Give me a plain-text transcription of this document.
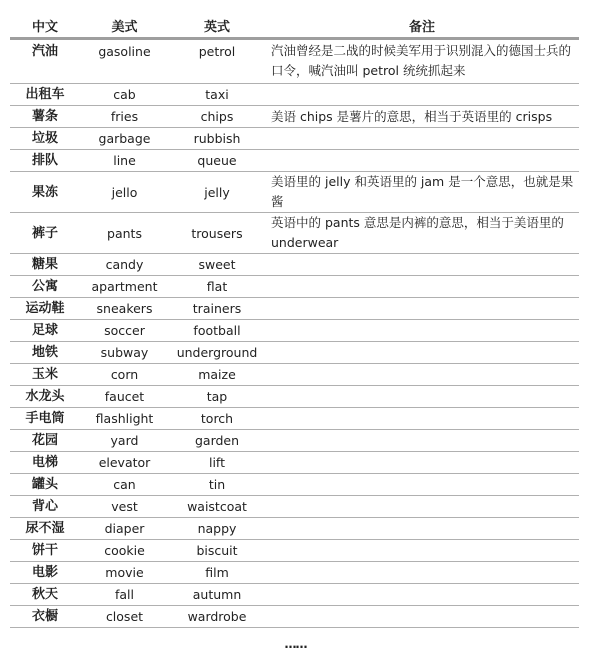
中文	美式	英式	备注
汽油	gasoline	petrol	汽油曾经是二战的时候美军用于识别混入的德国士兵的口令，喊汽油叫 petrol 统统抓起来
出租车	cab	taxi	
薯条	fries	chips	美语 chips 是薯片的意思，相当于英语里的 crisps
垃圾	garbage	rubbish	
排队	line	queue	
果冻	jello	jelly	美语里的 jelly 和英语里的 jam 是一个意思，也就是果酱
裤子	pants	trousers	英语中的 pants 意思是内裤的意思，相当于美语里的 underwear
糖果	candy	sweet	
公寓	apartment	flat	
运动鞋	sneakers	trainers	
足球	soccer	football	
地铁	subway	underground	
玉米	corn	maize	
水龙头	faucet	tap	
手电筒	flashlight	torch	
花园	yard	garden	
电梯	elevator	lift	
罐头	can	tin	
背心	vest	waistcoat	
尿不湿	diaper	nappy	
饼干	cookie	biscuit	
电影	movie	film	
秋天	fall	autumn	
衣橱	closet	wardrobe	
……
